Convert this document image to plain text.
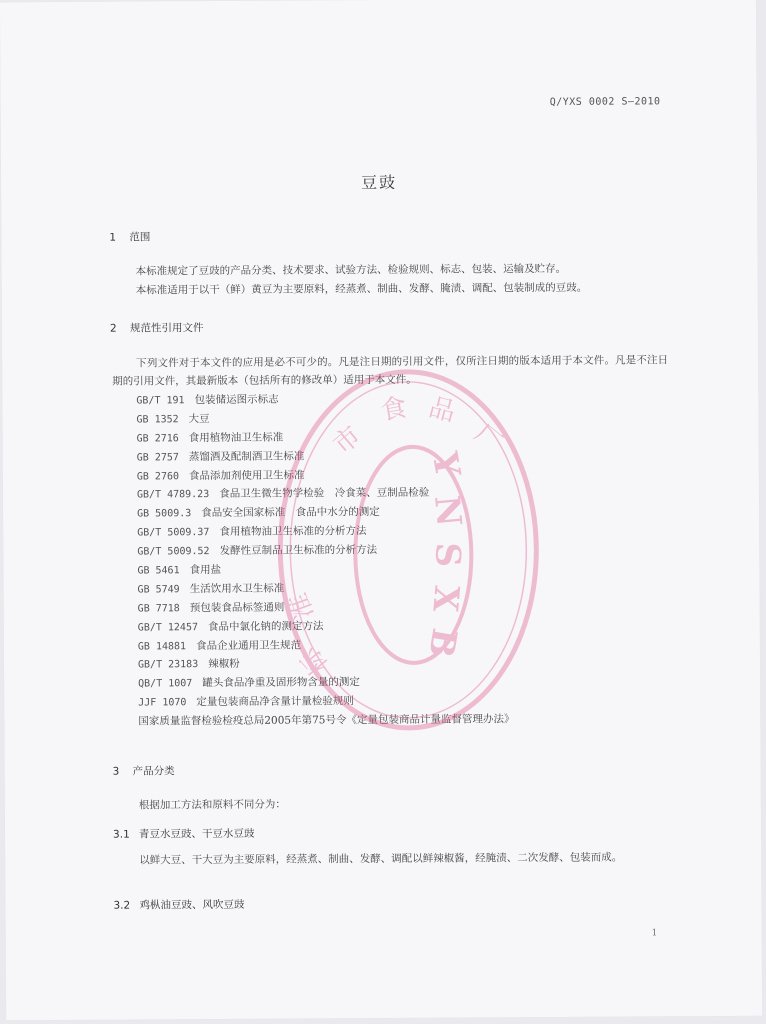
Q/YXS 0002 S—2010
豆豉
1 范围
本标准规定了豆豉的产品分类、技术要求、试验方法、检验规则、标志、包装、运输及贮存。
本标准适用于以干（鲜）黄豆为主要原料，经蒸煮、制曲、发酵、腌渍、调配、包装制成的豆豉。
2 规范性引用文件
下列文件对于本文件的应用是必不可少的。凡是注日期的引用文件，仅所注日期的版本适用于本文件。凡是不注日期的引用文件，其最新版本（包括所有的修改单）适用于本文件。
GB/T 191 包装储运图示标志
GB 1352 大豆
GB 2716 食用植物油卫生标准
GB 2757 蒸馏酒及配制酒卫生标准
GB 2760 食品添加剂使用卫生标准
GB/T 4789.23 食品卫生微生物学检验　冷食菜、豆制品检验
GB 5009.3 食品安全国家标准　食品中水分的测定
GB/T 5009.37 食用植物油卫生标准的分析方法
GB/T 5009.52 发酵性豆制品卫生标准的分析方法
GB 5461 食用盐
GB 5749 生活饮用水卫生标准
GB 7718 预包装食品标签通则
GB/T 12457 食品中氯化钠的测定方法
GB 14881 食品企业通用卫生规范
GB/T 23183 辣椒粉
QB/T 1007 罐头食品净重及固形物含量的测定
JJF 1070 定量包装商品净含量计量检验规则
国家质量监督检验检疫总局2005年第75号令《定量包装商品计量监督管理办法》
3 产品分类
根据加工方法和原料不同分为：
3.1 青豆水豆豉、干豆水豆豉
以鲜大豆、干大豆为主要原料，经蒸煮、制曲、发酵、调配以鲜辣椒酱，经腌渍、二次发酵、包装而成。
3.2 鸡枞油豆豉、风吹豆豉
1
Y
N
S
X
B
市
食 品
厂
准
标
